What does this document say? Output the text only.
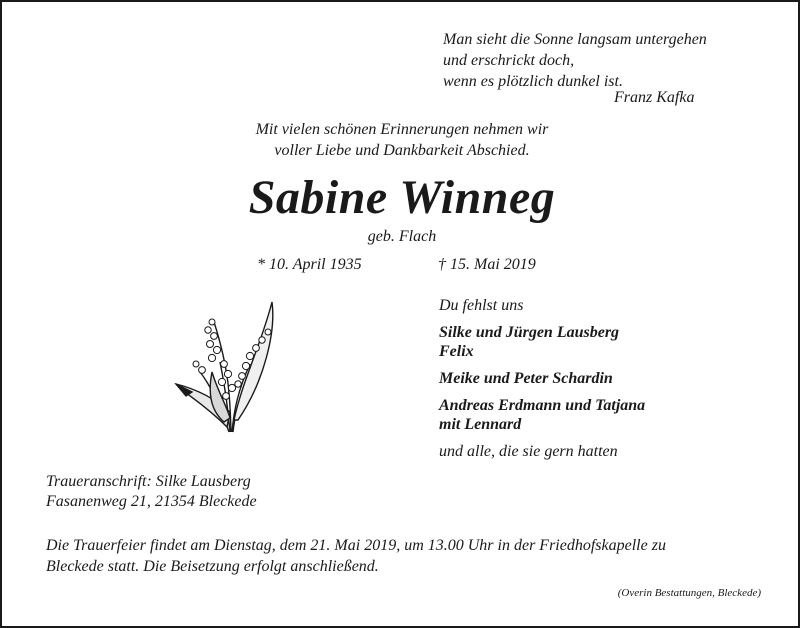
Man sieht die Sonne langsam untergehen
und erschrickt doch,
wenn es plötzlich dunkel ist.
Franz Kafka
Mit vielen schönen Erinnerungen nehmen wir
voller Liebe und Dankbarkeit Abschied.
Sabine Winneg
geb. Flach
* 10. April 1935	† 15. Mai 2019
Du fehlst uns
Silke und Jürgen Lausberg
Felix
Meike und Peter Schardin
Andreas Erdmann und Tatjana
mit Lennard
und alle, die sie gern hatten
Traueranschrift: Silke Lausberg
Fasanenweg 21, 21354 Bleckede
Die Trauerfeier findet am Dienstag, dem 21. Mai 2019, um 13.00 Uhr in der Friedhofskapelle zu
Bleckede statt. Die Beisetzung erfolgt anschließend.
(Overin Bestattungen, Bleckede)
